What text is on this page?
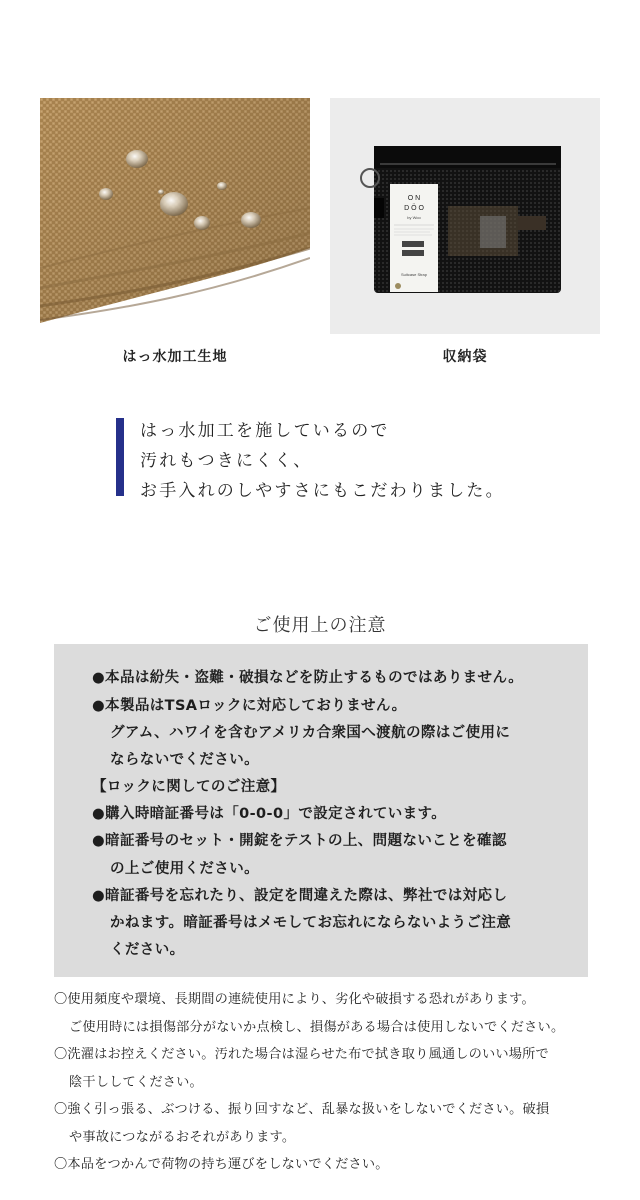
はっ水加工生地
O N
D Ö O
by Woo
Suitcase Strap
収納袋
はっ水加工を施しているので
汚れもつきにくく、
お手入れのしやすさにもこだわりました。
ご使用上の注意
●本品は紛失・盗難・破損などを防止するものではありません。
●本製品はTSAロックに対応しておりません。
グアム、ハワイを含むアメリカ合衆国へ渡航の際はご使用に
ならないでください。
【ロックに関してのご注意】
●購入時暗証番号は「0-0-0」で設定されています。
●暗証番号のセット・開錠をテストの上、問題ないことを確認
の上ご使用ください。
●暗証番号を忘れたり、設定を間違えた際は、弊社では対応し
かねます。暗証番号はメモしてお忘れにならないようご注意
ください。
〇使用頻度や環境、長期間の連続使用により、劣化や破損する恐れがあります。
ご使用時には損傷部分がないか点検し、損傷がある場合は使用しないでください。
〇洗濯はお控えください。汚れた場合は湿らせた布で拭き取り風通しのいい場所で
陰干ししてください。
〇強く引っ張る、ぶつける、振り回すなど、乱暴な扱いをしないでください。破損
や事故につながるおそれがあります。
〇本品をつかんで荷物の持ち運びをしないでください。
